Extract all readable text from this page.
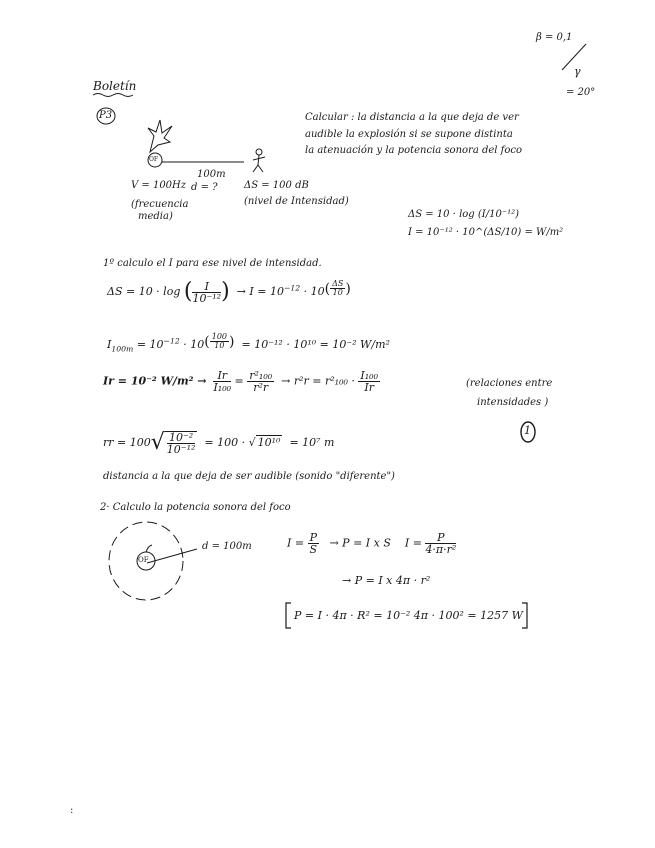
β = 0,1
γ
= 20°
Boletín
P3
OF
100m
d = ?
V = 100Hz
(frecuencia
media)
ΔS = 100 dB
(nivel de Intensidad)
Calcular : la distancia a la que deja de ver
audible la explosión si se supone distinta
la atenuación y la potencia sonora del foco
ΔS = 10 · log (I/10⁻¹²)
I = 10⁻¹² · 10^(ΔS/10) = W/m²
1º calculo el I para ese nivel de intensidad.
ΔS = 10 · log ( $\frac{I}{\text{10⁻¹²}}$ ) → $I = 10^{-12} \cdot 10^{( \frac{\Delta S}{10} )}$
$I_{100m} = 10^{-12} \cdot 10^{( \frac{100}{10} )} = 10^{-12} \cdot 10^{10} = 10^{-2}$ W/m²
Ir = 10⁻² $W/m^2 \to \frac{Ir}{\text{I₁₀₀}} = \frac{\text{r²₁₀₀}}{\text{r²r}} \to r^2r = r^2_{100} \cdot \frac{\text{I₁₀₀}}{Ir}$	(relaciones entre
intensidades )
1
rr = $100√ \frac{\text{10⁻²}}{\text{10⁻¹²}} = 100$ · √ 10¹⁰ = 10⁷ m
distancia a la que deja de ser audible (sonido "diferente")
2· Calculo la potencia sonora del foco
OF
d = 100m	$I = \frac{P}{S} \to P = I$ x S $I = \frac{P}{\text{4·π·r²}}$
→ P = I x 4π · r²
P = I · 4π · R² = 10⁻² 4π · 100² = 1257 W
:
